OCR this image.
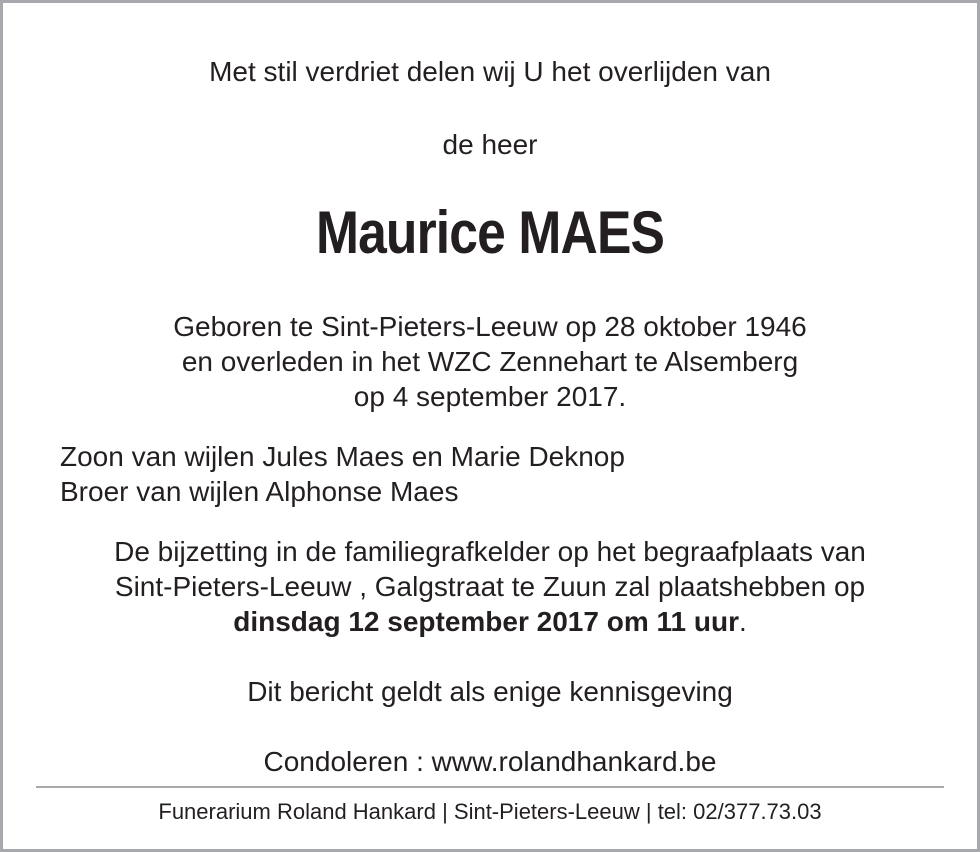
Met stil verdriet delen wij U het overlijden van
de heer
Maurice MAES
Geboren te Sint-Pieters-Leeuw op 28 oktober 1946
en overleden in het WZC Zennehart te Alsemberg
op 4 september 2017.
Zoon van wijlen Jules Maes en Marie Deknop
Broer van wijlen Alphonse Maes
De bijzetting in de familiegrafkelder op het begraafplaats van
Sint-Pieters-Leeuw , Galgstraat te Zuun zal plaatshebben op
dinsdag 12 september 2017 om 11 uur.
Dit bericht geldt als enige kennisgeving
Condoleren : www.rolandhankard.be
Funerarium Roland Hankard | Sint-Pieters-Leeuw | tel: 02/377.73.03
